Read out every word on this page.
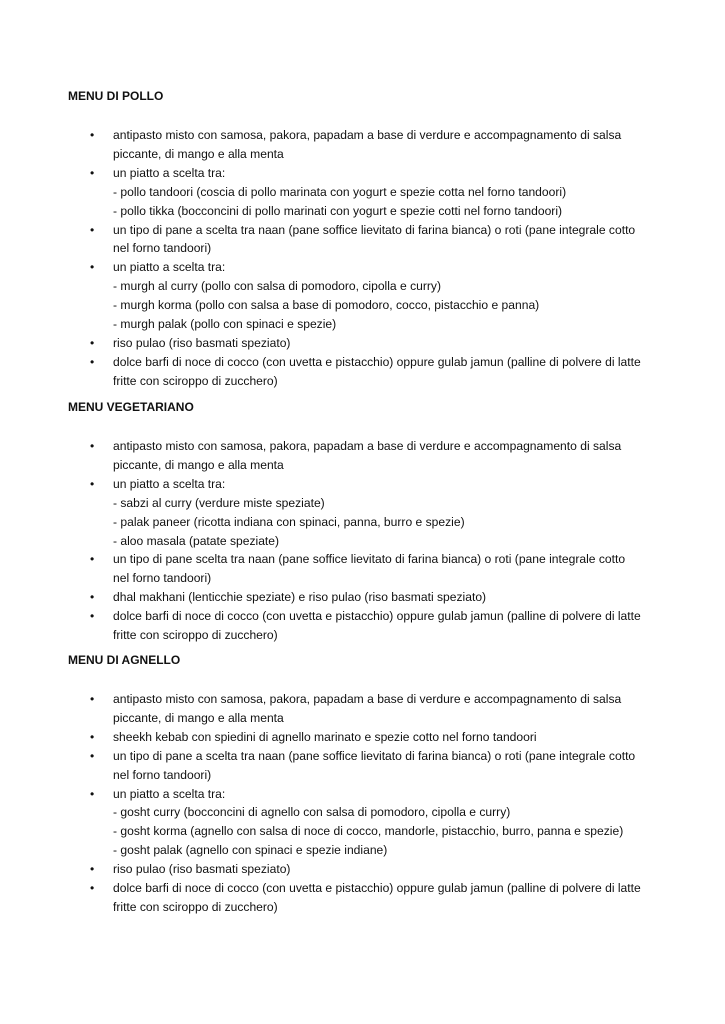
MENU DI POLLO

• antipasto misto con samosa, pakora, papadam a base di verdure e accompagnamento di salsa
piccante, di mango e alla menta
• un piatto a scelta tra:
- pollo tandoori (coscia di pollo marinata con yogurt e spezie cotta nel forno tandoori)
- pollo tikka (bocconcini di pollo marinati con yogurt e spezie cotti nel forno tandoori)
• un tipo di pane a scelta tra naan (pane soffice lievitato di farina bianca) o roti (pane integrale cotto
nel forno tandoori)
• un piatto a scelta tra:
- murgh al curry (pollo con salsa di pomodoro, cipolla e curry)
- murgh korma (pollo con salsa a base di pomodoro, cocco, pistacchio e panna)
- murgh palak (pollo con spinaci e spezie)
• riso pulao (riso basmati speziato)
• dolce barfi di noce di cocco (con uvetta e pistacchio) oppure gulab jamun (palline di polvere di latte
fritte con sciroppo di zucchero)

MENU VEGETARIANO

• antipasto misto con samosa, pakora, papadam a base di verdure e accompagnamento di salsa
piccante, di mango e alla menta
• un piatto a scelta tra:
- sabzi al curry (verdure miste speziate)
- palak paneer (ricotta indiana con spinaci, panna, burro e spezie)
- aloo masala (patate speziate)
• un tipo di pane scelta tra naan (pane soffice lievitato di farina bianca) o roti (pane integrale cotto
nel forno tandoori)
• dhal makhani (lenticchie speziate) e riso pulao (riso basmati speziato)
• dolce barfi di noce di cocco (con uvetta e pistacchio) oppure gulab jamun (palline di polvere di latte
fritte con sciroppo di zucchero)

MENU DI AGNELLO

• antipasto misto con samosa, pakora, papadam a base di verdure e accompagnamento di salsa
piccante, di mango e alla menta
• sheekh kebab con spiedini di agnello marinato e spezie cotto nel forno tandoori
• un tipo di pane a scelta tra naan (pane soffice lievitato di farina bianca) o roti (pane integrale cotto
nel forno tandoori)
• un piatto a scelta tra:
- gosht curry (bocconcini di agnello con salsa di pomodoro, cipolla e curry)
- gosht korma (agnello con salsa di noce di cocco, mandorle, pistacchio, burro, panna e spezie)
- gosht palak (agnello con spinaci e spezie indiane)
• riso pulao (riso basmati speziato)
• dolce barfi di noce di cocco (con uvetta e pistacchio) oppure gulab jamun (palline di polvere di latte
fritte con sciroppo di zucchero)
